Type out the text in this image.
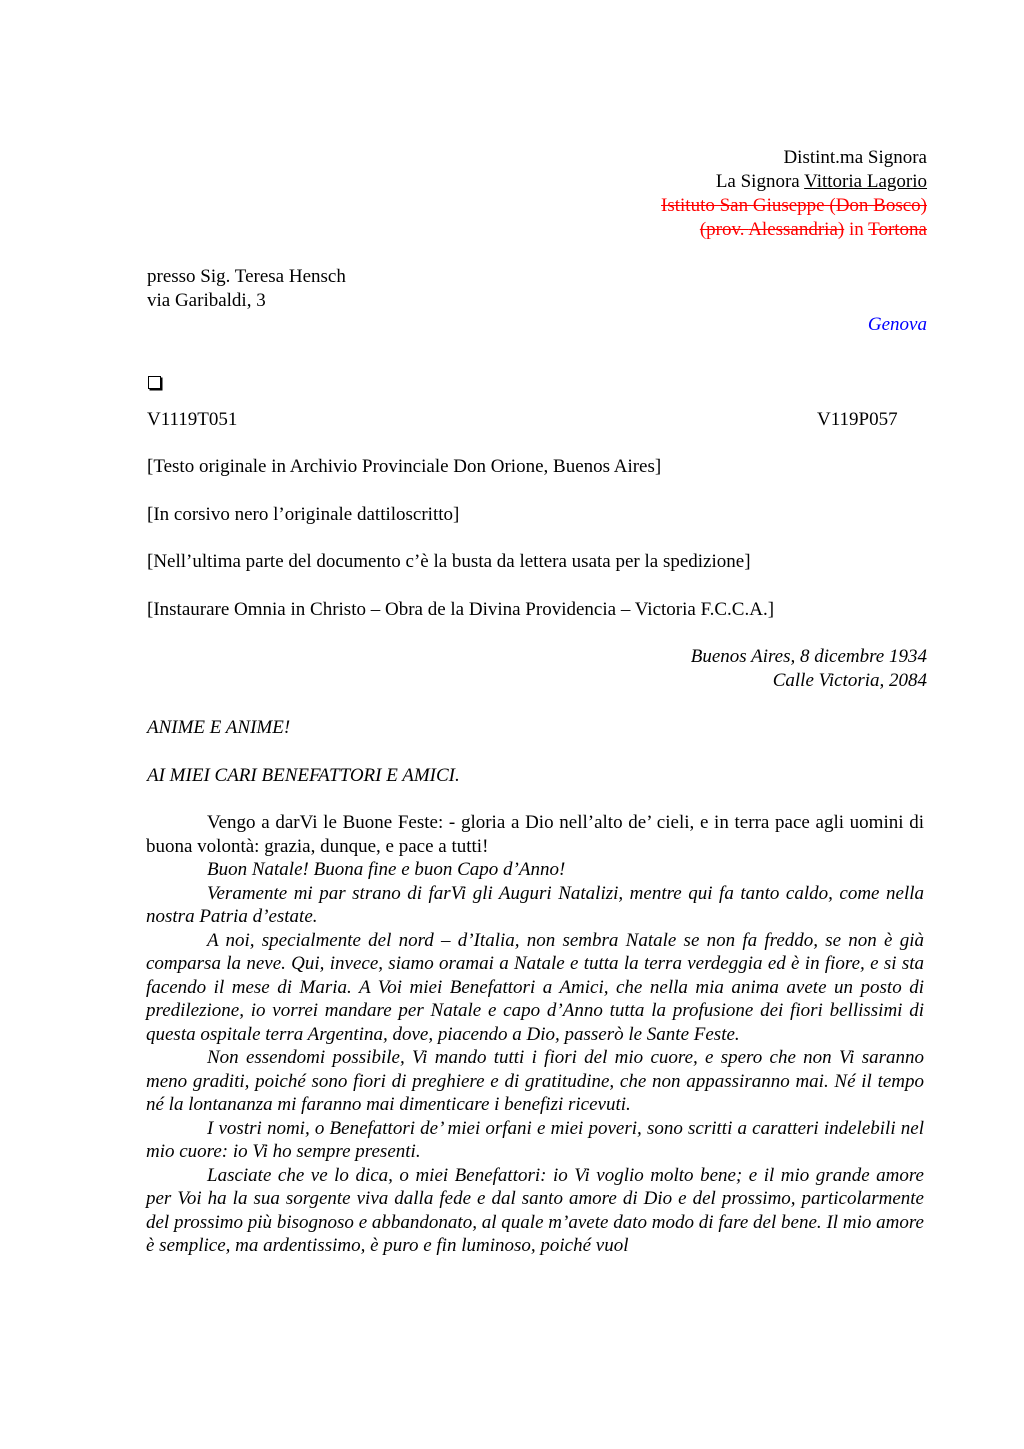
Distint.ma Signora
La Signora Vittoria Lagorio
Istituto San Giuseppe (Don Bosco)
(prov. Alessandria) in Tortona
presso Sig. Teresa Hensch
via Garibaldi, 3
Genova
V1119T051	V119P057
[Testo originale in Archivio Provinciale Don Orione, Buenos Aires]
[In corsivo nero l’originale dattiloscritto]
[Nell’ultima parte del documento c’è la busta da lettera usata per la spedizione]
[Instaurare Omnia in Christo – Obra de la Divina Providencia – Victoria F.C.C.A.]
Buenos Aires, 8 dicembre 1934
Calle Victoria, 2084
ANIME E ANIME!
AI MIEI CARI BENEFATTORI E AMICI.

Vengo a darVi le Buone Feste: - gloria a Dio nell’alto de’ cieli, e in terra pace agli uomini di buona volontà: grazia, dunque, e pace a tutti!

Buon Natale! Buona fine e buon Capo d’Anno!

Veramente mi par strano di farVi gli Auguri Natalizi, mentre qui fa tanto caldo, come nella nostra Patria d’estate.

A noi, specialmente del nord – d’Italia, non sembra Natale se non fa freddo, se non è già comparsa la neve. Qui, invece, siamo oramai a Natale e tutta la terra verdeggia ed è in fiore, e si sta facendo il mese di Maria. A Voi miei Benefattori a Amici, che nella mia anima avete un posto di predilezione, io vorrei mandare per Natale e capo d’Anno tutta la profusione dei fiori bellissimi di questa ospitale terra Argentina, dove, piacendo a Dio, passerò le Sante Feste.

Non essendomi possibile, Vi mando tutti i fiori del mio cuore, e spero che non Vi saranno meno graditi, poiché sono fiori di preghiere e di gratitudine, che non appassiranno mai. Né il tempo né la lontananza mi faranno mai dimenticare i benefizi ricevuti.

I vostri nomi, o Benefattori de’ miei orfani e miei poveri, sono scritti a caratteri indelebili nel mio cuore: io Vi ho sempre presenti.

Lasciate che ve lo dica, o miei Benefattori: io Vi voglio molto bene; e il mio grande amore per Voi ha la sua sorgente viva dalla fede e dal santo amore di Dio e del prossimo, particolarmente del prossimo più bisognoso e abbandonato, al quale m’avete dato modo di fare del bene. Il mio amore è semplice, ma ardentissimo, è puro e fin luminoso, poiché vuol
